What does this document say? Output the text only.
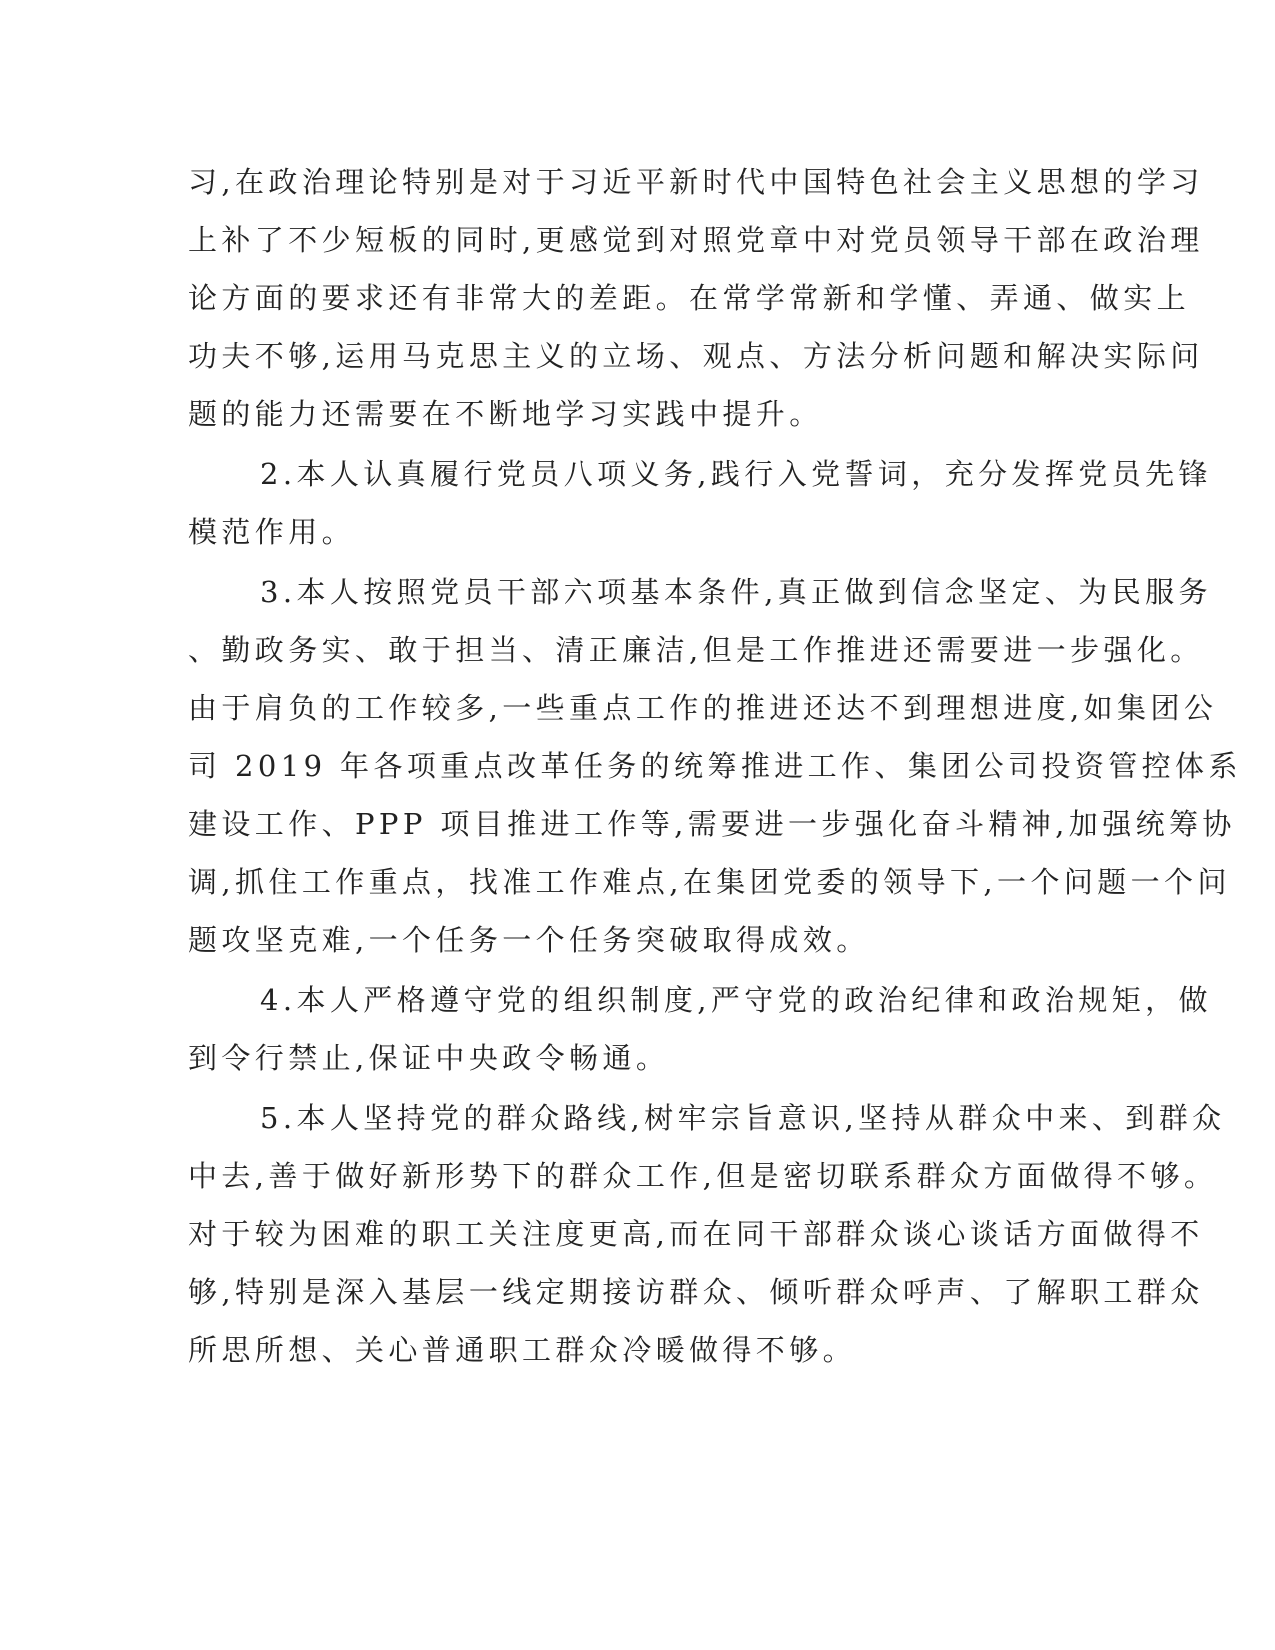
习,在政治理论特别是对于习近平新时代中国特色社会主义思想的学习

上补了不少短板的同时,更感觉到对照党章中对党员领导干部在政治理

论方面的要求还有非常大的差距。在常学常新和学懂、弄通、做实上

功夫不够,运用马克思主义的立场、观点、方法分析问题和解决实际问

题的能力还需要在不断地学习实践中提升。

2.本人认真履行党员八项义务,践行入党誓词，充分发挥党员先锋

模范作用。

3.本人按照党员干部六项基本条件,真正做到信念坚定、为民服务

、勤政务实、敢于担当、清正廉洁,但是工作推进还需要进一步强化。

由于肩负的工作较多,一些重点工作的推进还达不到理想进度,如集团公

司 2019 年各项重点改革任务的统筹推进工作、集团公司投资管控体系

建设工作、PPP 项目推进工作等,需要进一步强化奋斗精神,加强统筹协

调,抓住工作重点，找准工作难点,在集团党委的领导下,一个问题一个问

题攻坚克难,一个任务一个任务突破取得成效。

4.本人严格遵守党的组织制度,严守党的政治纪律和政治规矩，做

到令行禁止,保证中央政令畅通。

5.本人坚持党的群众路线,树牢宗旨意识,坚持从群众中来、到群众

中去,善于做好新形势下的群众工作,但是密切联系群众方面做得不够。

对于较为困难的职工关注度更高,而在同干部群众谈心谈话方面做得不

够,特别是深入基层一线定期接访群众、倾听群众呼声、了解职工群众

所思所想、关心普通职工群众冷暖做得不够。
